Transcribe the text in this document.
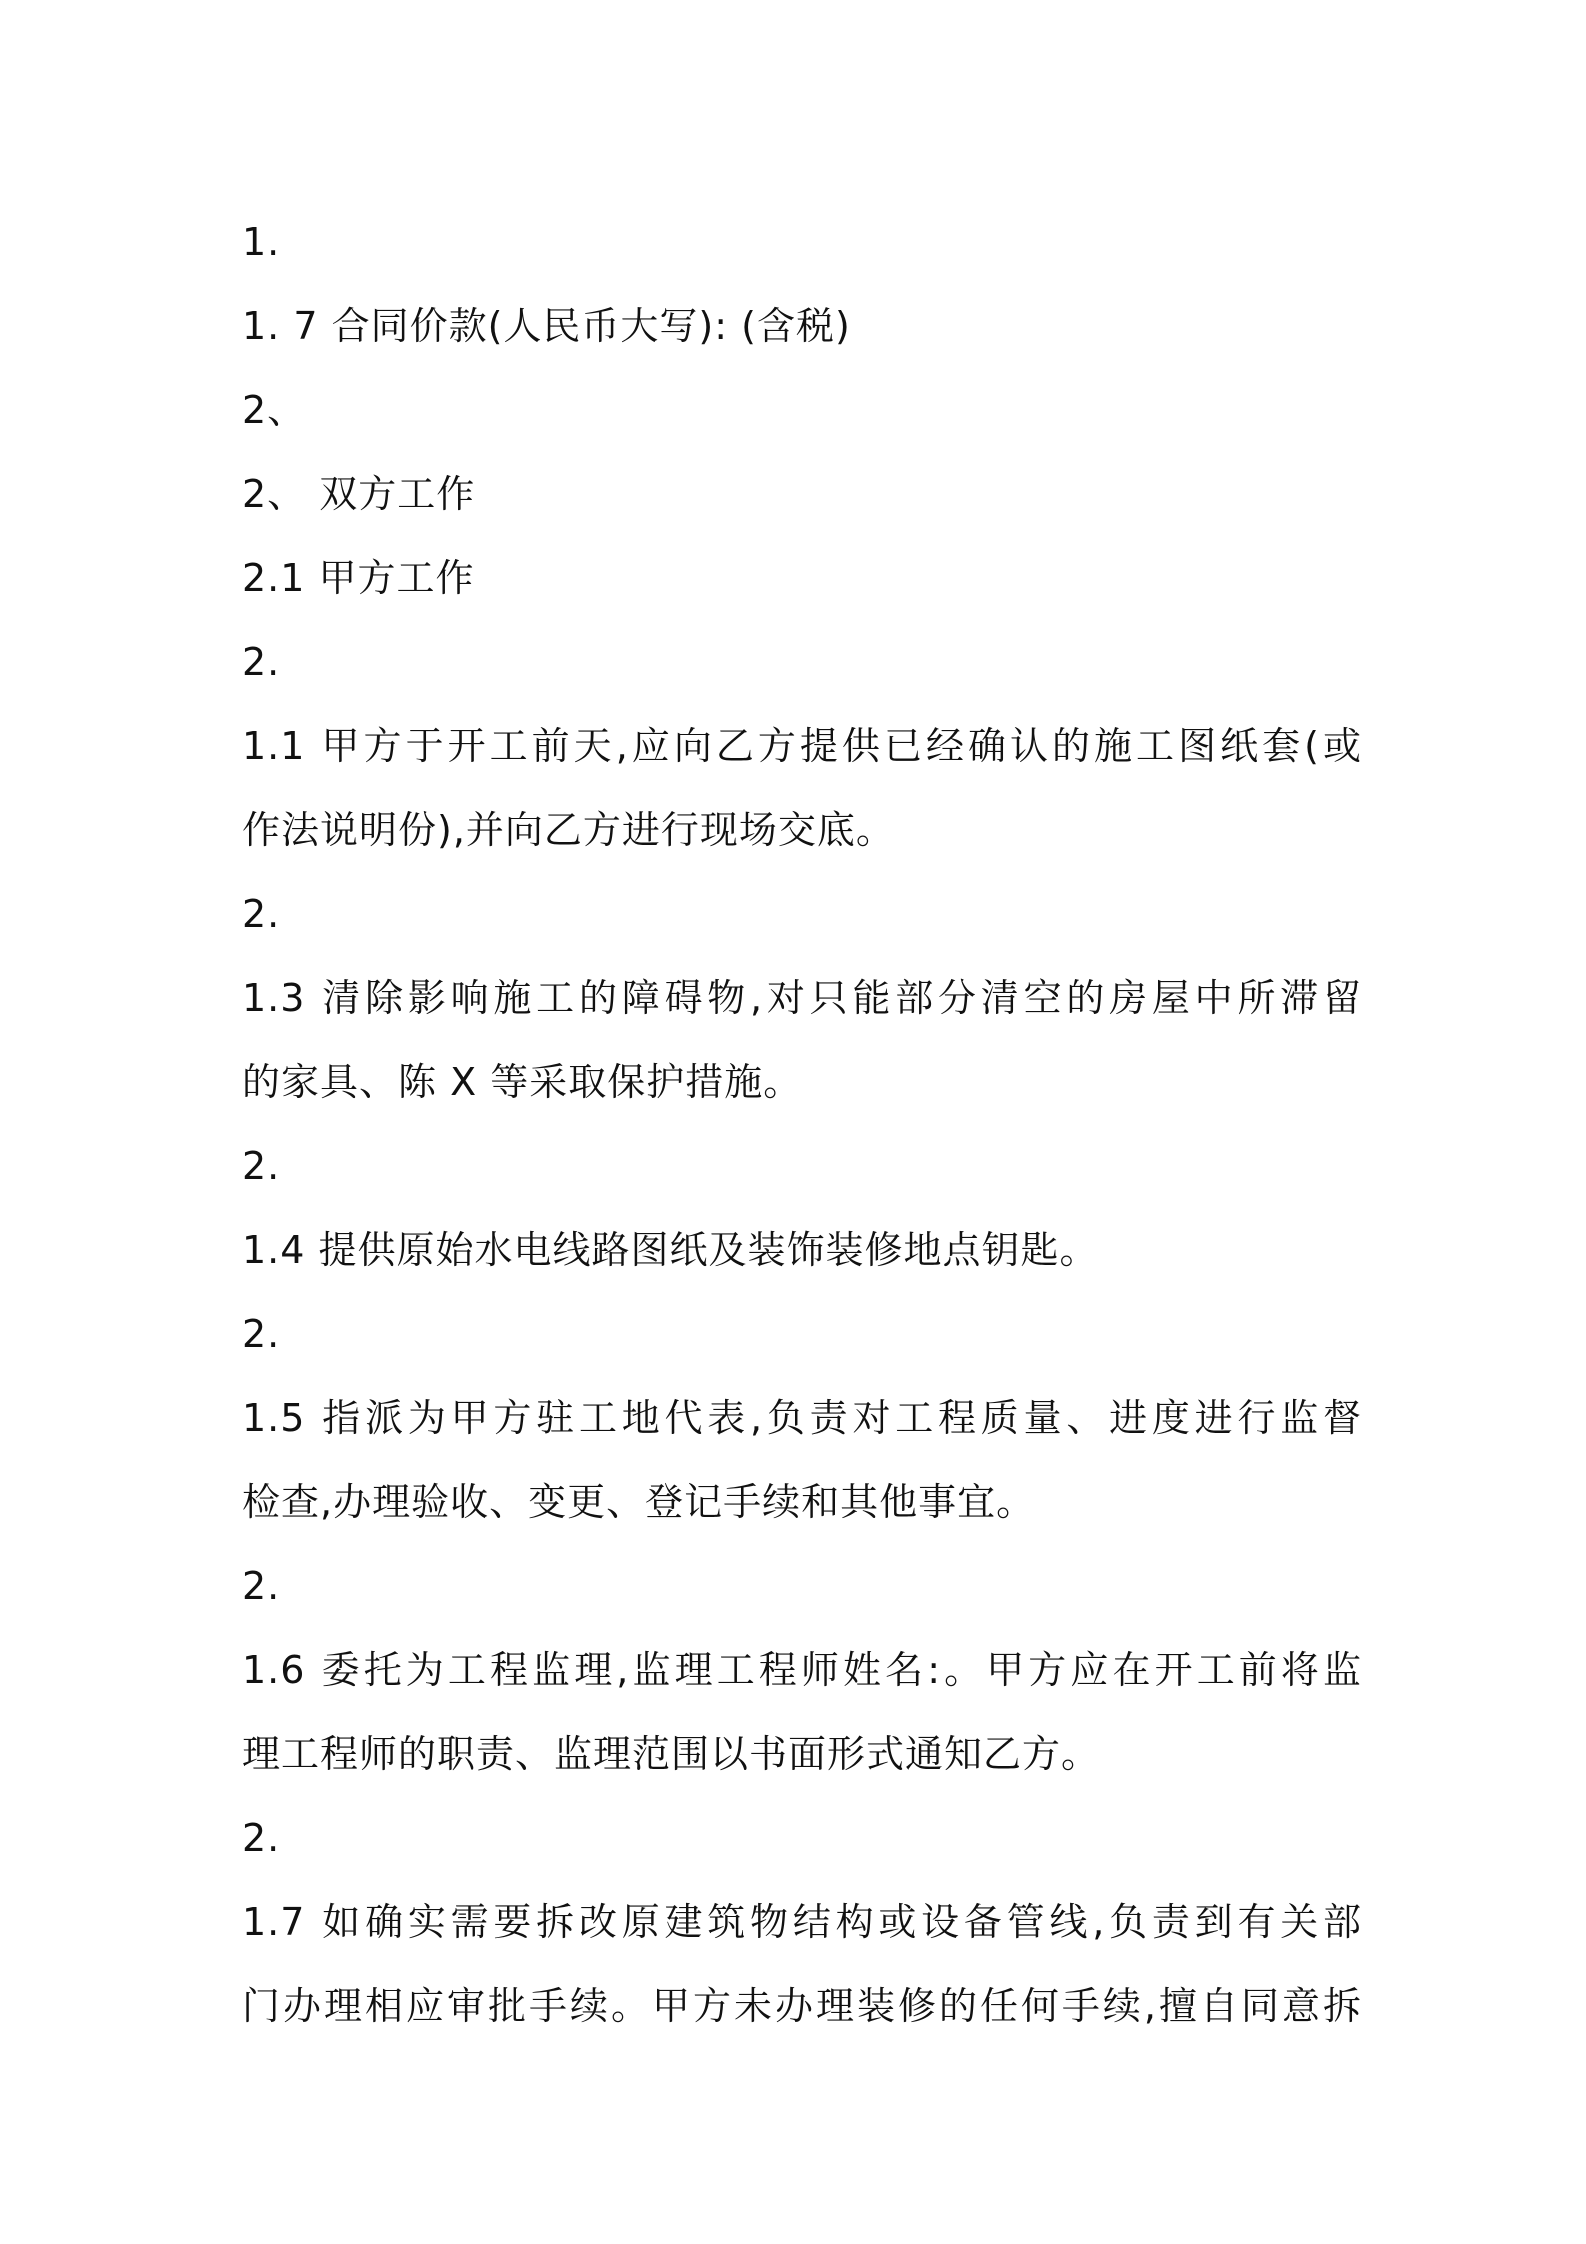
1.
1. 7 合同价款(人民币大写): (含税)
2、
2、 双方工作
2.1 甲方工作
2.
1.1 甲方于开工前天,应向乙方提供已经确认的施工图纸套(或
作法说明份),并向乙方进行现场交底。
2.
1.3 清除影响施工的障碍物,对只能部分清空的房屋中所滞留
的家具、陈 X 等采取保护措施。
2.
1.4 提供原始水电线路图纸及装饰装修地点钥匙。
2.
1.5 指派为甲方驻工地代表,负责对工程质量、进度进行监督
检查,办理验收、变更、登记手续和其他事宜。
2.
1.6 委托为工程监理,监理工程师姓名:。甲方应在开工前将监
理工程师的职责、监理范围以书面形式通知乙方。
2.
1.7 如确实需要拆改原建筑物结构或设备管线,负责到有关部
门办理相应审批手续。甲方未办理装修的任何手续,擅自同意拆
